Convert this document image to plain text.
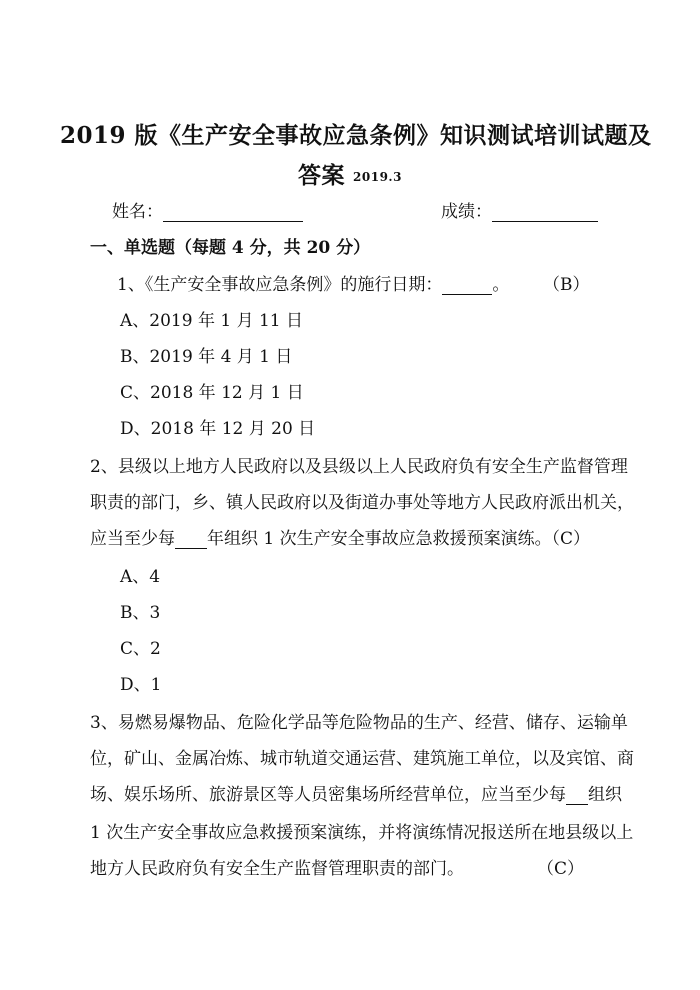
2019 版《生产安全事故应急条例》知识测试培训试题及
答案 2019.3
姓名：	成绩：
一、单选题（每题 4 分，共 20 分）
1、《生产安全事故应急条例》的施行日期：	。 （B）
A、2019 年 1 月 11 日
B、2019 年 4 月 1 日
C、2018 年 12 月 1 日
D、2018 年 12 月 20 日
2、县级以上地方人民政府以及县级以上人民政府负有安全生产监督管理
职责的部门，乡、镇人民政府以及街道办事处等地方人民政府派出机关，
应当至少每 年组织 1 次生产安全事故应急救援预案演练。
（C）
A、4
B、3
C、2
D、1
3、易燃易爆物品、危险化学品等危险物品的生产、经营、储存、运输单
位，矿山、金属冶炼、城市轨道交通运营、建筑施工单位，以及宾馆、商
场、娱乐场所、旅游景区等人员密集场所经营单位，应当至少每 组织
1 次生产安全事故应急救援预案演练，并将演练情况报送所在地县级以上
地方人民政府负有安全生产监督管理职责的部门。	（C）
